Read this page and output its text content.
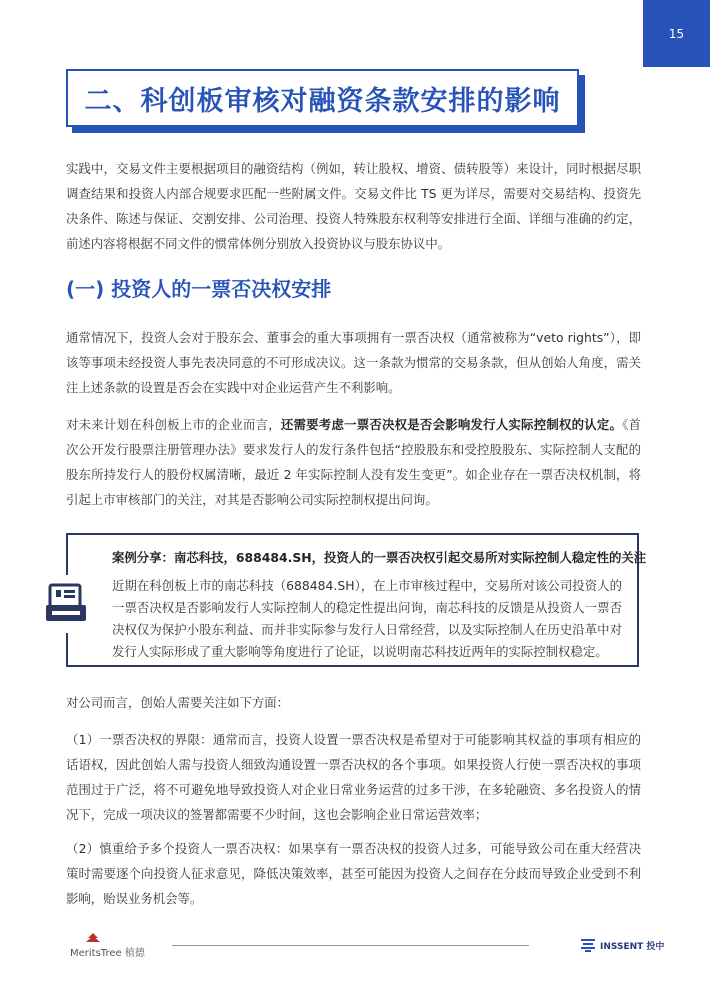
15
二、科创板审核对融资条款安排的影响

实践中，交易文件主要根据项目的融资结构（例如，转让股权、增资、债转股等）来设计，同时根据尽职调查结果和投资人内部合规要求匹配一些附属文件。交易文件比 TS 更为详尽，需要对交易结构、投资先决条件、陈述与保证、交割安排、公司治理、投资人特殊股东权利等安排进行全面、详细与准确的约定，前述内容将根据不同文件的惯常体例分别放入投资协议与股东协议中。

(一) 投资人的一票否决权安排

通常情况下，投资人会对于股东会、董事会的重大事项拥有一票否决权（通常被称为“veto rights”），即该等事项未经投资人事先表决同意的不可形成决议。这一条款为惯常的交易条款，但从创始人角度，需关注上述条款的设置是否会在实践中对企业运营产生不利影响。

对未来计划在科创板上市的企业而言，还需要考虑一票否决权是否会影响发行人实际控制权的认定。《首次公开发行股票注册管理办法》要求发行人的发行条件包括“控股股东和受控股股东、实际控制人支配的股东所持发行人的股份权属清晰，最近 2 年实际控制人没有发生变更”。如企业存在一票否决权机制，将引起上市审核部门的关注，对其是否影响公司实际控制权提出问询。

案例分享：南芯科技，688484.SH，投资人的一票否决权引起交易所对实际控制人稳定性的关注

近期在科创板上市的南芯科技（688484.SH），在上市审核过程中，交易所对该公司投资人的一票否决权是否影响发行人实际控制人的稳定性提出问询，南芯科技的反馈是从投资人一票否决权仅为保护小股东利益、而并非实际参与发行人日常经营，以及实际控制人在历史沿革中对发行人实际形成了重大影响等角度进行了论证，以说明南芯科技近两年的实际控制权稳定。

对公司而言，创始人需要关注如下方面：

（1）一票否决权的界限：通常而言，投资人设置一票否决权是希望对于可能影响其权益的事项有相应的话语权，因此创始人需与投资人细致沟通设置一票否决权的各个事项。如果投资人行使一票否决权的事项范围过于广泛，将不可避免地导致投资人对企业日常业务运营的过多干涉，在多轮融资、多名投资人的情况下，完成一项决议的签署都需要不少时间，这也会影响企业日常运营效率；

（2）慎重给予多个投资人一票否决权：如果享有一票否决权的投资人过多，可能导致公司在重大经营决策时需要逐个向投资人征求意见，降低决策效率，甚至可能因为投资人之间存在分歧而导致企业受到不利影响，贻误业务机会等。

MeritsTree 植德
INSSENT 投中
